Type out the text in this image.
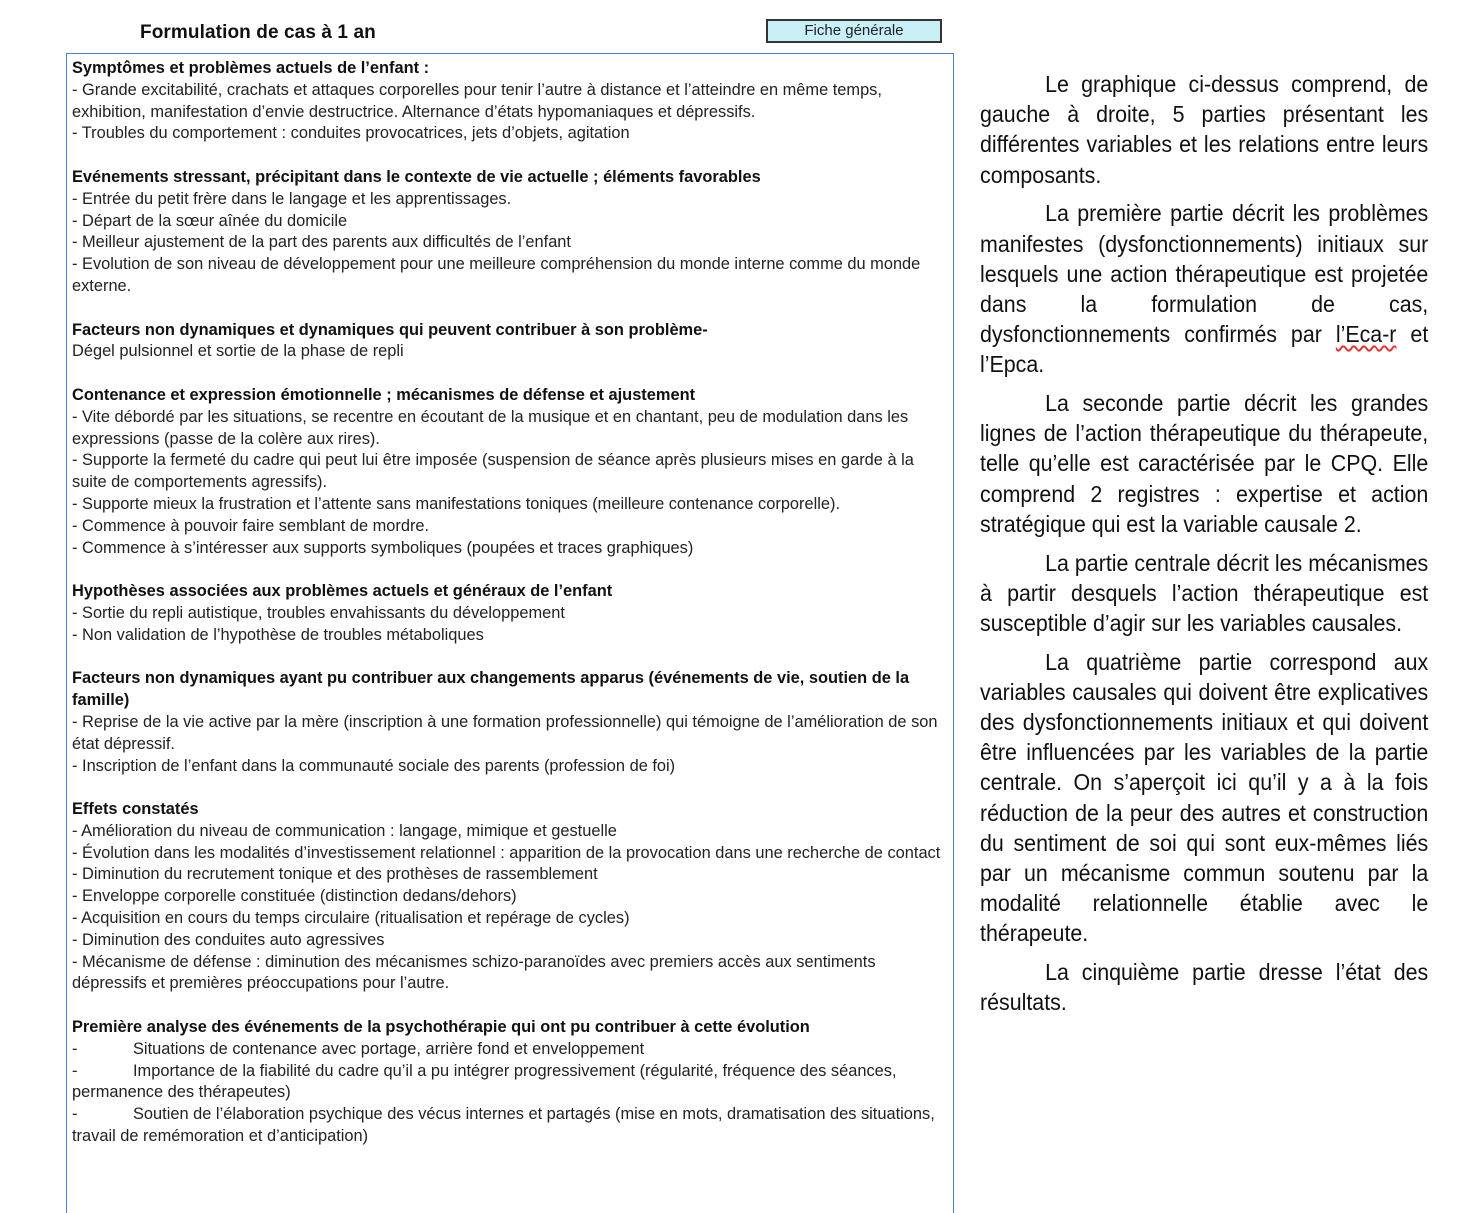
Formulation de cas à 1 an	Fiche générale
Symptômes et problèmes actuels de l’enfant :

- Grande excitabilité, crachats et attaques corporelles pour tenir l’autre à distance et l’atteindre en même temps, exhibition, manifestation d’envie destructrice. Alternance d’états hypomaniaques et dépressifs.

- Troubles du comportement : conduites provocatrices, jets d’objets, agitation

Evénements stressant, précipitant dans le contexte de vie actuelle ; éléments favorables

- Entrée du petit frère dans le langage et les apprentissages.

- Départ de la sœur aînée du domicile

- Meilleur ajustement de la part des parents aux difficultés de l’enfant

- Evolution de son niveau de développement pour une meilleure compréhension du monde interne comme du monde externe.

Facteurs non dynamiques et dynamiques qui peuvent contribuer à son problème-

Dégel pulsionnel et sortie de la phase de repli

Contenance et expression émotionnelle ; mécanismes de défense et ajustement

- Vite débordé par les situations, se recentre en écoutant de la musique et en chantant, peu de modulation dans les expressions (passe de la colère aux rires).

- Supporte la fermeté du cadre qui peut lui être imposée (suspension de séance après plusieurs mises en garde à la suite de comportements agressifs).

- Supporte mieux la frustration et l’attente sans manifestations toniques (meilleure contenance corporelle).

- Commence à pouvoir faire semblant de mordre.

- Commence à s’intéresser aux supports symboliques (poupées et traces graphiques)

Hypothèses associées aux problèmes actuels et généraux de l’enfant

- Sortie du repli autistique, troubles envahissants du développement

- Non validation de l’hypothèse de troubles métaboliques

Facteurs non dynamiques ayant pu contribuer aux changements apparus (événements de vie, soutien de la famille)

- Reprise de la vie active par la mère (inscription à une formation professionnelle) qui témoigne de l’amélioration de son état dépressif.

- Inscription de l’enfant dans la communauté sociale des parents (profession de foi)

Effets constatés

- Amélioration du niveau de communication : langage, mimique et gestuelle

- Évolution dans les modalités d’investissement relationnel : apparition de la provocation dans une recherche de contact

- Diminution du recrutement tonique et des prothèses de rassemblement

- Enveloppe corporelle constituée (distinction dedans/dehors)

- Acquisition en cours du temps circulaire (ritualisation et repérage de cycles)

- Diminution des conduites auto agressives

- Mécanisme de défense : diminution des mécanismes schizo-paranoïdes avec premiers accès aux sentiments dépressifs et premières préoccupations pour l’autre.

Première analyse des événements de la psychothérapie qui ont pu contribuer à cette évolution

-	Situations de contenance avec portage, arrière fond et enveloppement

-	Importance de la fiabilité du cadre qu’il a pu intégrer progressivement (régularité, fréquence des séances, permanence des thérapeutes)

-	Soutien de l’élaboration psychique des vécus internes et partagés (mise en mots, dramatisation des situations, travail de remémoration et d’anticipation)

Le graphique ci-dessus comprend, de gauche à droite, 5 parties présentant les différentes variables et les relations entre leurs composants.

La première partie décrit les problèmes manifestes (dysfonctionnements) initiaux sur lesquels une action thérapeutique est projetée dans la formulation de cas, dysfonctionnements confirmés par l’Eca-r et l’Epca.

La seconde partie décrit les grandes lignes de l’action thérapeutique du thérapeute, telle qu’elle est caractérisée par le CPQ. Elle comprend 2 registres : expertise et action stratégique qui est la variable causale 2.

La partie centrale décrit les mécanismes à partir desquels l’action thérapeutique est susceptible d’agir sur les variables causales.

La quatrième partie correspond aux variables causales qui doivent être explicatives des dysfonctionnements initiaux et qui doivent être influencées par les variables de la partie centrale. On s’aperçoit ici qu’il y a à la fois réduction de la peur des autres et construction du sentiment de soi qui sont eux-mêmes liés par un mécanisme commun soutenu par la modalité relationnelle établie avec le thérapeute.

La cinquième partie dresse l’état des résultats.
